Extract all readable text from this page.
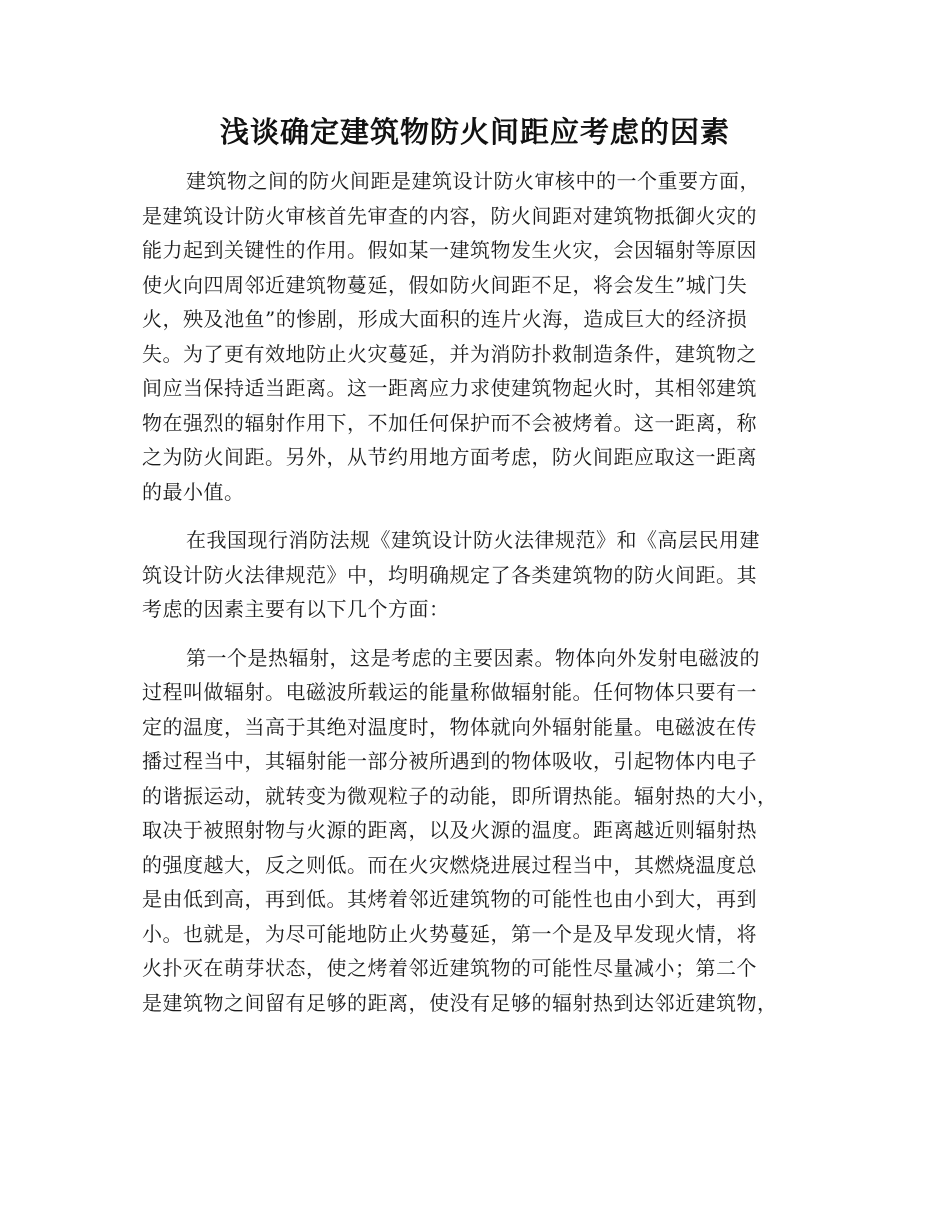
浅谈确定建筑物防火间距应考虑的因素

建筑物之间的防火间距是建筑设计防火审核中的一个重要方面，
是建筑设计防火审核首先审查的内容，防火间距对建筑物抵御火灾的
能力起到关键性的作用。假如某一建筑物发生火灾，会因辐射等原因
使火向四周邻近建筑物蔓延，假如防火间距不足，将会发生”城门失
火，殃及池鱼”的惨剧，形成大面积的连片火海，造成巨大的经济损
失。为了更有效地防止火灾蔓延，并为消防扑救制造条件，建筑物之
间应当保持适当距离。这一距离应力求使建筑物起火时，其相邻建筑
物在强烈的辐射作用下，不加任何保护而不会被烤着。这一距离，称
之为防火间距。另外，从节约用地方面考虑，防火间距应取这一距离
的最小值。

在我国现行消防法规《建筑设计防火法律规范》和《高层民用建
筑设计防火法律规范》中，均明确规定了各类建筑物的防火间距。其
考虑的因素主要有以下几个方面：

第一个是热辐射，这是考虑的主要因素。物体向外发射电磁波的
过程叫做辐射。电磁波所载运的能量称做辐射能。任何物体只要有一
定的温度，当高于其绝对温度时，物体就向外辐射能量。电磁波在传
播过程当中，其辐射能一部分被所遇到的物体吸收，引起物体内电子
的谐振运动，就转变为微观粒子的动能，即所谓热能。辐射热的大小，
取决于被照射物与火源的距离，以及火源的温度。距离越近则辐射热
的强度越大，反之则低。而在火灾燃烧进展过程当中，其燃烧温度总
是由低到高，再到低。其烤着邻近建筑物的可能性也由小到大，再到
小。也就是，为尽可能地防止火势蔓延，第一个是及早发现火情，将
火扑灭在萌芽状态，使之烤着邻近建筑物的可能性尽量减小；第二个
是建筑物之间留有足够的距离，使没有足够的辐射热到达邻近建筑物，
